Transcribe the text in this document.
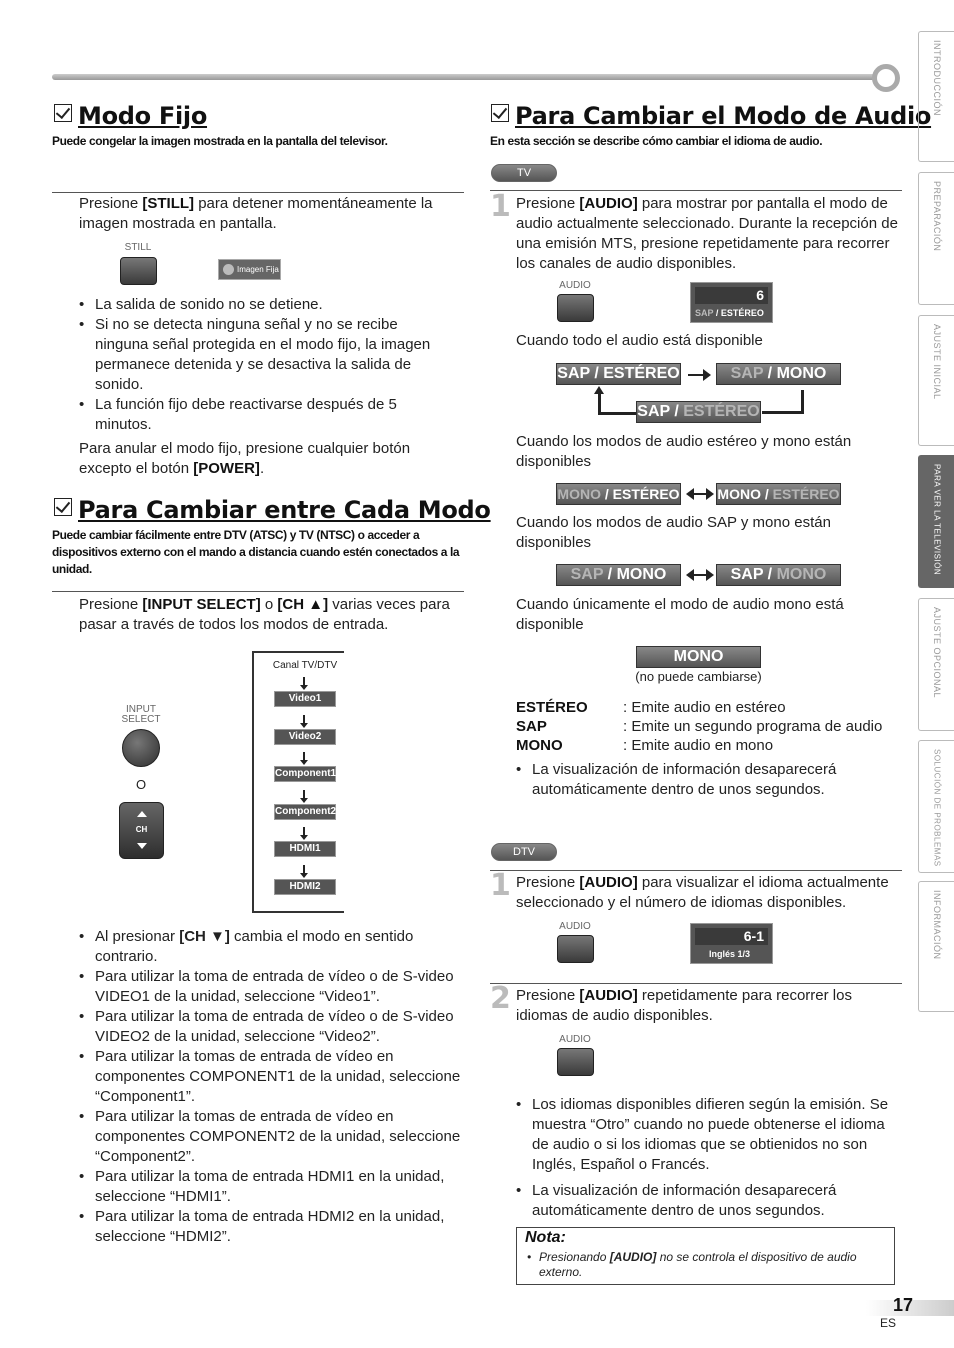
Modo Fijo
Puede congelar la imagen mostrada en la pantalla del televisor.
Presione [STILL] para detener momentáneamente la imagen mostrada en pantalla.
STILL
Imagen Fija
• La salida de sonido no se detiene.
• Si no se detecta ninguna señal y no se recibe ninguna señal protegida en el modo fijo, la imagen permanece detenida y se desactiva la salida de sonido.
• La función fijo debe reactivarse después de 5 minutos.
Para anular el modo fijo, presione cualquier botón excepto el botón [POWER].
Para Cambiar entre Cada Modo
Puede cambiar fácilmente entre DTV (ATSC) y TV (NTSC) o acceder a dispositivos externo con el mando a distancia cuando estén conectados a la unidad.
Presione [INPUT SELECT] o [CH ▲] varias veces para pasar a través de todos los modos de entrada.
INPUT SELECT
O
CH
Canal TV/DTV
Video1
Video2
Component1
Component2
HDMI1
HDMI2
• Al presionar [CH ▼] cambia el modo en sentido contrario.
• Para utilizar la toma de entrada de vídeo o de S-video VIDEO1 de la unidad, seleccione “Video1”.
• Para utilizar la toma de entrada de vídeo o de S-video VIDEO2 de la unidad, seleccione “Video2”.
• Para utilizar la tomas de entrada de vídeo en componentes COMPONENT1 de la unidad, seleccione “Component1”.
• Para utilizar la tomas de entrada de vídeo en componentes COMPONENT2 de la unidad, seleccione “Component2”.
• Para utilizar la toma de entrada HDMI1 en la unidad, seleccione “HDMI1”.
• Para utilizar la toma de entrada HDMI2 en la unidad, seleccione “HDMI2”.
Para Cambiar el Modo de Audio
En esta sección se describe cómo cambiar el idioma de audio.
TV
1 Presione [AUDIO] para mostrar por pantalla el modo de audio actualmente seleccionado. Durante la recepción de una emisión MTS, presione repetidamente para recorrer los canales de audio disponibles.
AUDIO
6
SAP / ESTÉREO
Cuando todo el audio está disponible
SAP / ESTÉREO	SAP / MONO
SAP / ESTÉREO
Cuando los modos de audio estéreo y mono están disponibles
MONO / ESTÉREO	MONO / ESTÉREO
Cuando los modos de audio SAP y mono están disponibles
SAP / MONO	SAP / MONO
Cuando únicamente el modo de audio mono está disponible
MONO
(no puede cambiarse)
ESTÉREO : Emite audio en estéreo
SAP	: Emite un segundo programa de audio
MONO	: Emite audio en mono
• La visualización de información desaparecerá automáticamente dentro de unos segundos.
DTV
1 Presione [AUDIO] para visualizar el idioma actualmente seleccionado y el número de idiomas disponibles.
AUDIO
6-1
Inglés 1/3
2 Presione [AUDIO] repetidamente para recorrer los idiomas de audio disponibles.
AUDIO
• Los idiomas disponibles difieren según la emisión. Se muestra “Otro” cuando no puede obtenerse el idioma de audio o si los idiomas que se obtienidos no son Inglés, Español o Francés.
• La visualización de información desaparecerá automáticamente dentro de unos segundos.
Nota:
• Presionando [AUDIO] no se controla el dispositivo de audio externo.
INTRODUCCIÓN
PREPARACIÓN
AJUSTE INICIAL
PARA VER LA TELEVISIÓN
AJUSTE OPCIONAL
SOLUCIÓN DE PROBLEMAS
INFORMACIÓN
17
ES
